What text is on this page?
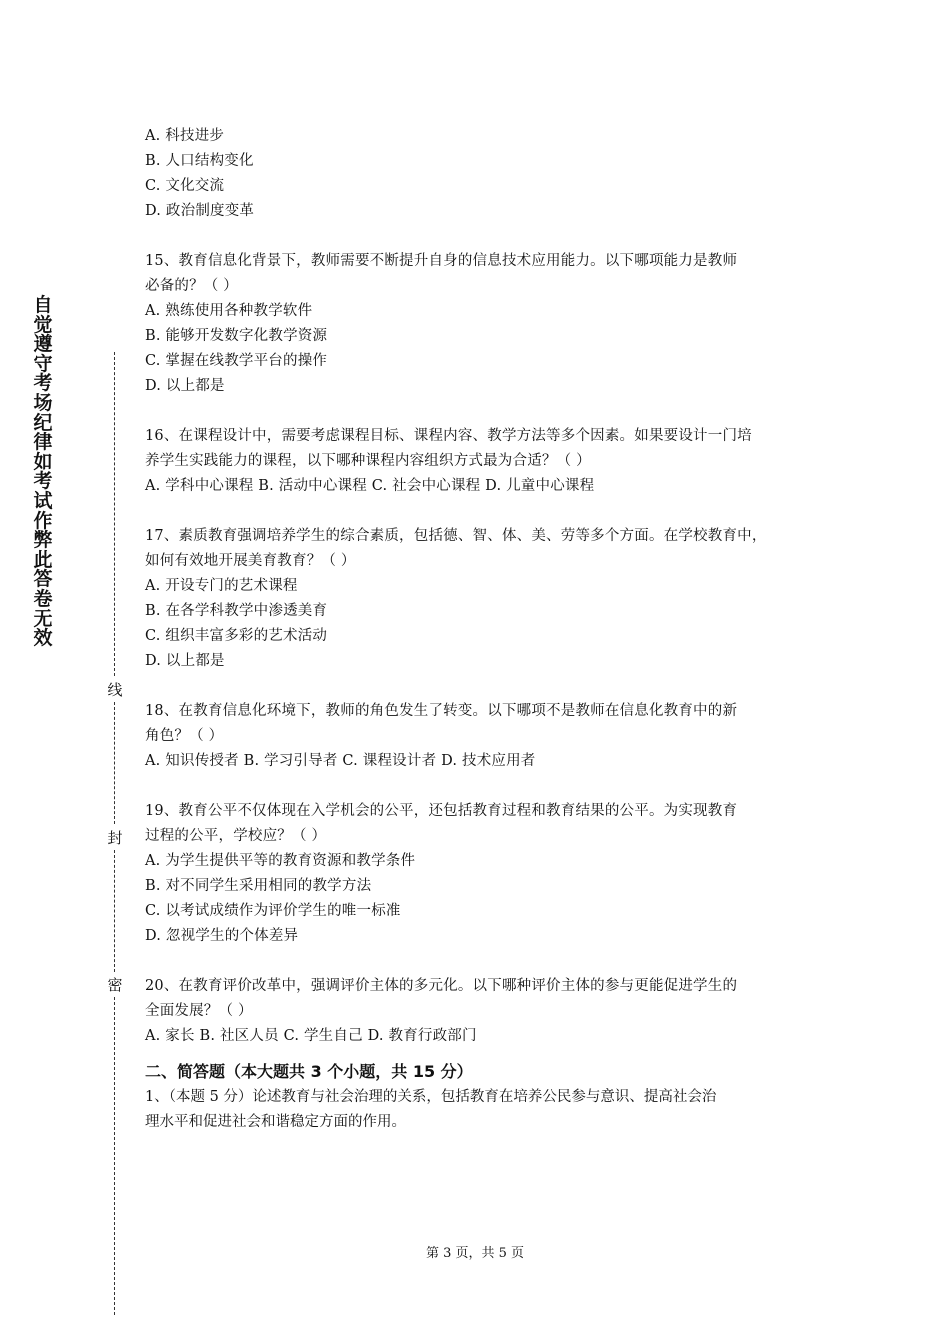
自觉遵守考场纪律如考试作弊此答卷无效
线
封
密
A. 科技进步
B. 人口结构变化
C. 文化交流
D. 政治制度变革
15、教育信息化背景下，教师需要不断提升自身的信息技术应用能力。以下哪项能力是教师
必备的？（ ）
A. 熟练使用各种教学软件
B. 能够开发数字化教学资源
C. 掌握在线教学平台的操作
D. 以上都是
16、在课程设计中，需要考虑课程目标、课程内容、教学方法等多个因素。如果要设计一门培
养学生实践能力的课程，以下哪种课程内容组织方式最为合适？（ ）
A. 学科中心课程 B. 活动中心课程 C. 社会中心课程 D. 儿童中心课程
17、素质教育强调培养学生的综合素质，包括德、智、体、美、劳等多个方面。在学校教育中，
如何有效地开展美育教育？（ ）
A. 开设专门的艺术课程
B. 在各学科教学中渗透美育
C. 组织丰富多彩的艺术活动
D. 以上都是
18、在教育信息化环境下，教师的角色发生了转变。以下哪项不是教师在信息化教育中的新
角色？（ ）
A. 知识传授者 B. 学习引导者 C. 课程设计者 D. 技术应用者
19、教育公平不仅体现在入学机会的公平，还包括教育过程和教育结果的公平。为实现教育
过程的公平，学校应？（ ）
A. 为学生提供平等的教育资源和教学条件
B. 对不同学生采用相同的教学方法
C. 以考试成绩作为评价学生的唯一标准
D. 忽视学生的个体差异
20、在教育评价改革中，强调评价主体的多元化。以下哪种评价主体的参与更能促进学生的
全面发展？（ ）
A. 家长 B. 社区人员 C. 学生自己 D. 教育行政部门
二、简答题（本大题共 3 个小题，共 15 分）
1、（本题 5 分）论述教育与社会治理的关系，包括教育在培养公民参与意识、提高社会治
理水平和促进社会和谐稳定方面的作用。
第 3 页，共 5 页
